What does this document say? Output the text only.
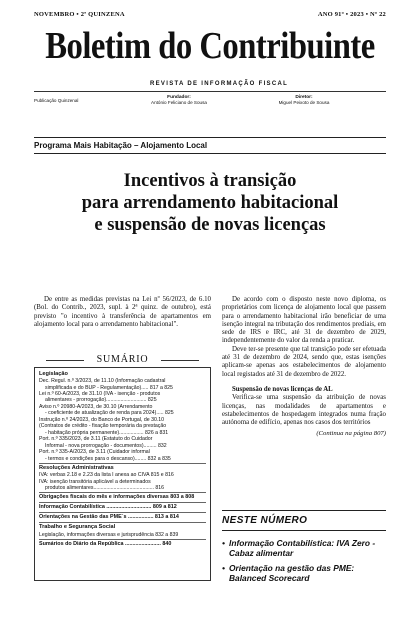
NOVEMBRO • 2ª QUINZENA	ANO 91º • 2023 • Nº 22
Boletim do Contribuinte
REVISTA DE INFORMAÇÃO FISCAL
Publicação Quinzenal
Fundador:
António Feliciano de Sousa
Diretor:
Miguel Peixoto de Sousa
Programa Mais Habitação – Alojamento Local
Incentivos à transição
para arrendamento habitacional
e suspensão de novas licenças

De entre as medidas previstas na Lei nº 56/2023, de 6.10 (Bol. do Contrib., 2023, supl. à 2ª quinz. de outubro), está previsto "o incentivo à transferência de apartamentos em alojamento local para o arrendamento habitacional".

SUMÁRIO
Legislação
Dec. Regul. n.º 3/2023, de 11.10 (Informação cadastral
simplificada e do BUP - Regulamentação)..... 817 a 825
Lei n.º 60-A/2023, de 31.10 (IVA - isenção - produtos
alimentares - prorrogação)............................ 825
Aviso n.º 20980-A/2023, de 30.10 (Arrendamento
- coeficiente de atualização de renda para 2024)..... 825
Instrução n.º 24/2023, do Banco de Portugal, de 30.10
(Contratos de crédito - fixação temporária da prestação
- habitação própria permanente)................. 826 a 831
Port. n.º 335/2023, de 3.11 (Estatuto do Cuidador
Informal - nova prorrogação - documentos)......... 832
Port. n.º 335-A/2023, de 3.11 (Cuidador informal
- termos e condições para o descanso)........ 832 a 835
Resoluções Administrativas
IVA: verbas 2.18 e 2.23 da lista I anexa ao CIVA 815 e 816
IVA: isenção transitória aplicável a determinados
produtos alimentares.......................................... 816
Obrigações fiscais do mês e informações diversas 803 a 808
Informação Contabilística .............................. 809 a 812
Orientações na Gestão das PME´s ................. 813 a 814
Trabalho e Segurança Social
Legislação, informações diversas e jurisprudência 832 a 839
Sumários do Diário da República ........................ 840

De acordo com o disposto neste novo diploma, os proprietários com licença de alojamento local que passem para o arrendamento habitacional irão beneficiar de uma isenção integral na tributação dos rendimentos prediais, em sede de IRS e IRC, até 31 de dezembro de 2029, independentemente do valor da renda a praticar.

Deve ter-se presente que tal transição pode ser efetuada até 31 de dezembro de 2024, sendo que, estas isenções aplicam-se apenas aos estabelecimentos de alojamento local registados até 31 de dezembro de 2022.

Suspensão de novas licenças de AL

Verifica-se uma suspensão da atribuição de novas licenças, nas modalidades de apartamentos e estabelecimentos de hospedagem integrados numa fração autónoma de edifício, apenas nos casos dos territórios

(Continua na página 807)
NESTE NÚMERO
• Informação Contabilística: IVA Zero - Cabaz alimentar
• Orientação na gestão das PME: Balanced Scorecard
